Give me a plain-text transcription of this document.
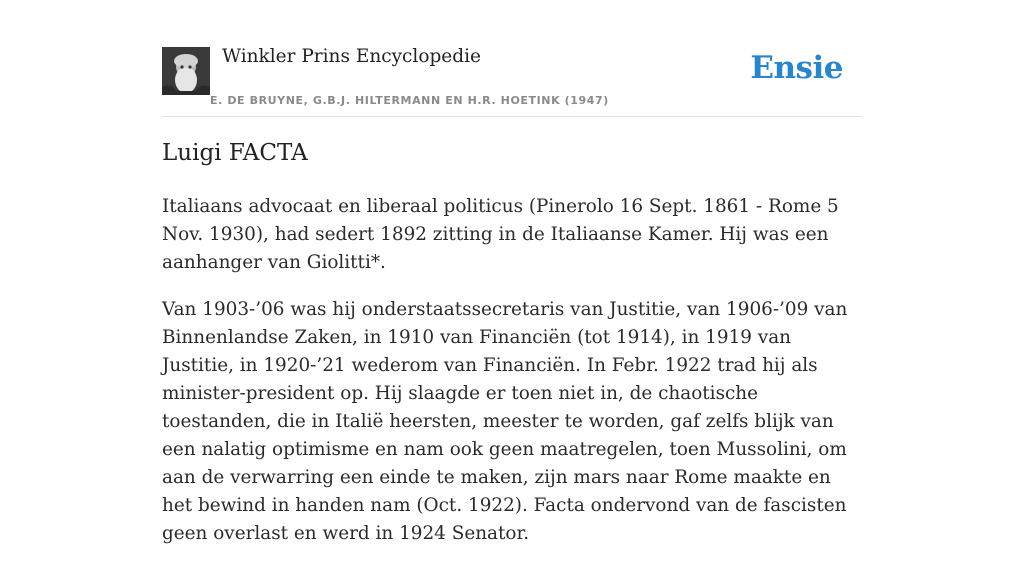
Winkler Prins Encyclopedie
E. DE BRUYNE, G.B.J. HILTERMANN EN H.R. HOETINK (1947)
Ensie
Luigi FACTA

Italiaans advocaat en liberaal politicus (Pinerolo 16 Sept. 1861 - Rome 5 Nov. 1930), had sedert 1892 zitting in de Italiaanse Kamer. Hij was een aanhanger van Giolitti*.

Van 1903-’06 was hij onderstaatssecretaris van Justitie, van 1906-’09 van Binnenlandse Zaken, in 1910 van Financiën (tot 1914), in 1919 van Justitie, in 1920-’21 wederom van Financiën. In Febr. 1922 trad hij als minister-president op. Hij slaagde er toen niet in, de chaotische toestanden, die in Italië heersten, meester te worden, gaf zelfs blijk van een nalatig optimisme en nam ook geen maatregelen, toen Mussolini, om aan de verwarring een einde te maken, zijn mars naar Rome maakte en het bewind in handen nam (Oct. 1922). Facta ondervond van de fascisten geen overlast en werd in 1924 Senator.
